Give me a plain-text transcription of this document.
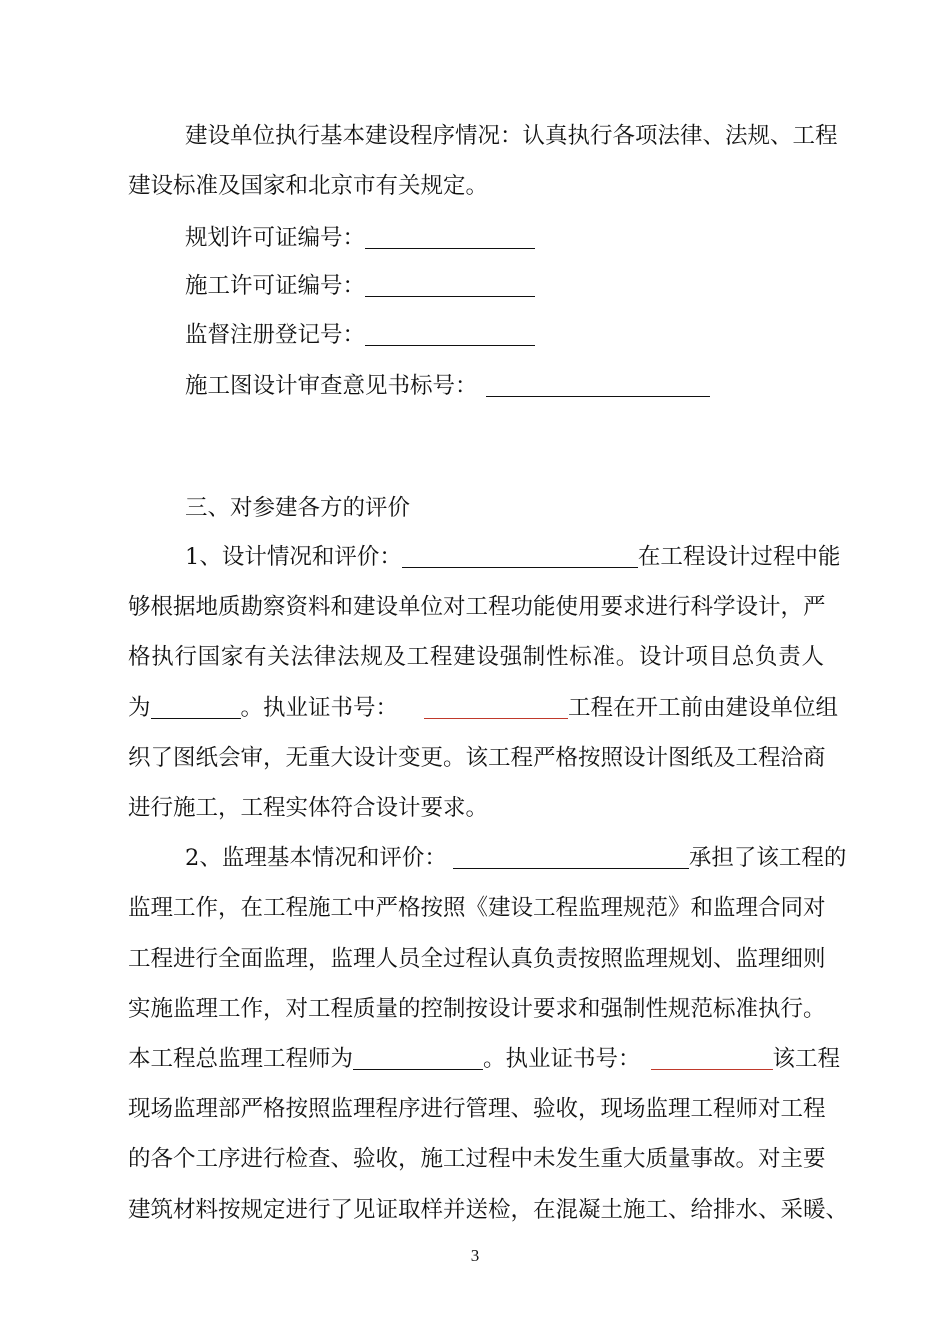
建设单位执行基本建设程序情况：认真执行各项法律、法规、工程
建设标准及国家和北京市有关规定。
规划许可证编号：
施工许可证编号：
监督注册登记号：
施工图设计审查意见书标号：
三、对参建各方的评价
1、设计情况和评价：	在工程设计过程中能
够根据地质勘察资料和建设单位对工程功能使用要求进行科学设计，严
格执行国家有关法律法规及工程建设强制性标准。设计项目总负责人
为	。执业证书号：	工程在开工前由建设单位组
织了图纸会审，无重大设计变更。该工程严格按照设计图纸及工程洽商
进行施工，工程实体符合设计要求。
2、监理基本情况和评价：	承担了该工程的
监理工作，在工程施工中严格按照《建设工程监理规范》和监理合同对
工程进行全面监理，监理人员全过程认真负责按照监理规划、监理细则
实施监理工作，对工程质量的控制按设计要求和强制性规范标准执行。
本工程总监理工程师为	。执业证书号：	该工程
现场监理部严格按照监理程序进行管理、验收，现场监理工程师对工程
的各个工序进行检查、验收，施工过程中未发生重大质量事故。对主要
建筑材料按规定进行了见证取样并送检，在混凝土施工、给排水、采暖、
3
